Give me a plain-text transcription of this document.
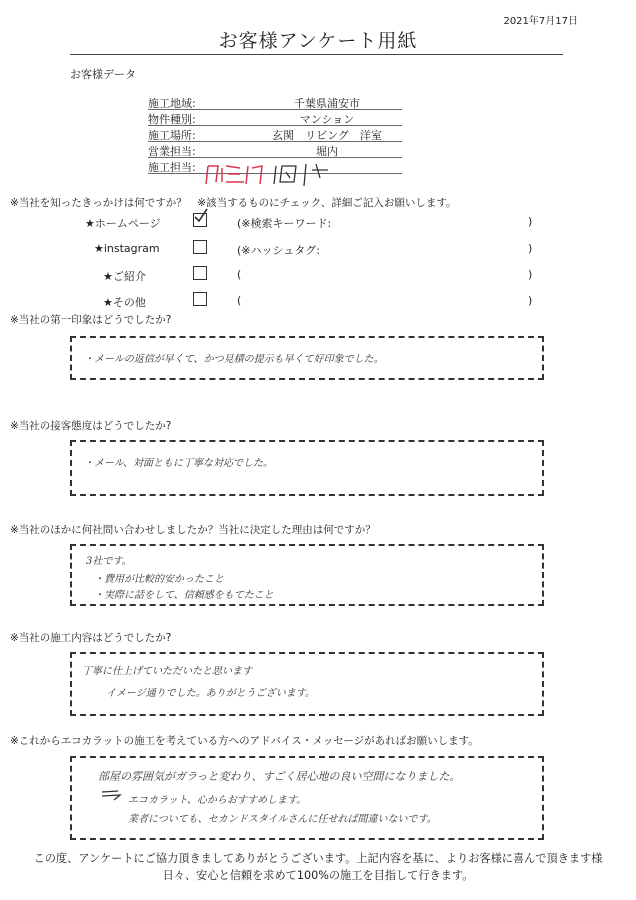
2021年7月17日
お客様アンケート用紙
お客様データ
施工地域:	千葉県浦安市
物件種別:	マンション
施工場所:	玄関　リビング　洋室
営業担当:	堀内
施工担当:
※当社を知ったきっかけは何ですか？　※該当するものにチェック、詳細ご記入お願いします。
★ホームページ	(※検索キーワード:	)
★instagram	(※ハッシュタグ:	)
★ご紹介	(	)
★その他	(	)
※当社の第一印象はどうでしたか?
・メールの返信が早くて、かつ見積の提示も早くて好印象でした。
※当社の接客態度はどうでしたか?
・メール、対面ともに丁寧な対応でした。
※当社のほかに何社問い合わせしましたか？当社に決定した理由は何ですか？
3社です。
・費用が比較的安かったこと
・実際に話をして、信頼感をもてたこと
※当社の施工内容はどうでしたか?
丁寧に仕上げていただいたと思います
イメージ通りでした。ありがとうございます。
※これからエコカラットの施工を考えている方へのアドバイス・メッセージがあればお願いします。
部屋の雰囲気がガラっと変わり、すごく居心地の良い空間になりました。
エコカラット、心からおすすめします。
業者についても、セカンドスタイルさんに任せれば間違いないです。
この度、アンケートにご協力頂きましてありがとうございます。上記内容を基に、よりお客様に喜んで頂きます様
日々、安心と信頼を求めて100%の施工を目指して行きます。
